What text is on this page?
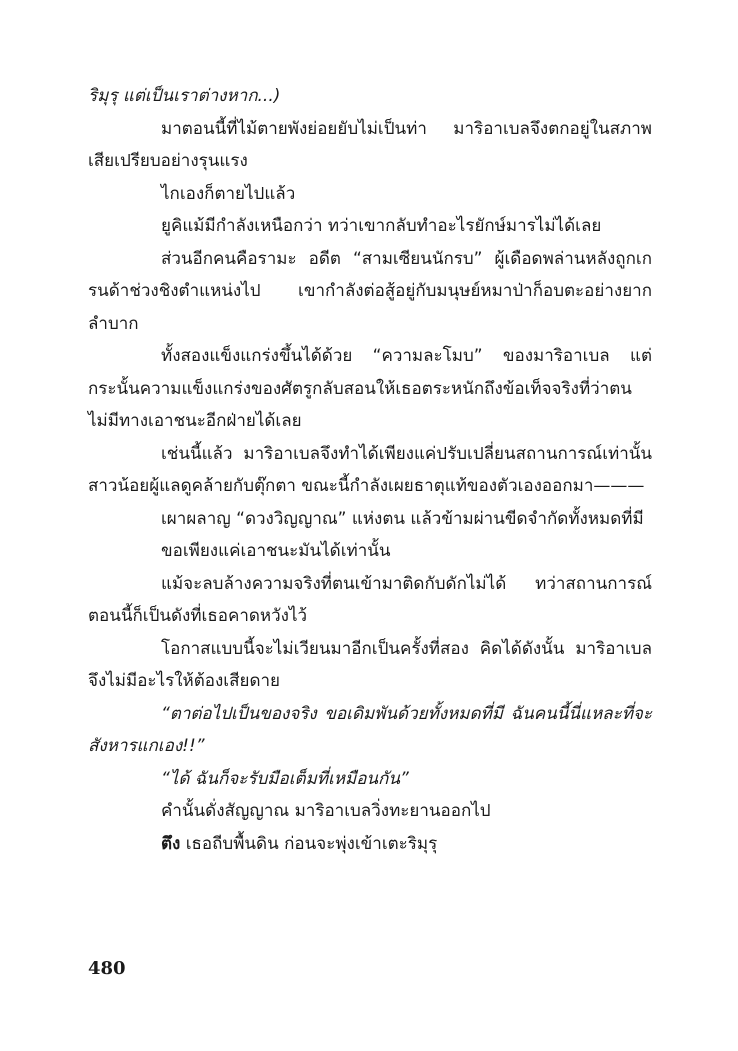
ริมุรุ แต่เป็นเราต่างหาก...)

มาตอนนี้ที่ไม้ตายพังย่อยยับไม่เป็นท่า มาริอาเบลจึงตกอยู่ในสภาพเสียเปรียบอย่างรุนแรง

ไกเองก็ตายไปแล้ว

ยูคิแม้มีกำลังเหนือกว่า ทว่าเขากลับทำอะไรยักษ์มารไม่ได้เลย

ส่วนอีกคนคือรามะ อดีต “สามเซียนนักรบ” ผู้เดือดพล่านหลังถูกเกรนด้าช่วงชิงตำแหน่งไป เขากำลังต่อสู้อยู่กับมนุษย์หมาป่าก็อบตะอย่างยากลำบาก

ทั้งสองแข็งแกร่งขึ้นได้ด้วย “ความละโมบ” ของมาริอาเบล แต่กระนั้นความแข็งแกร่งของศัตรูกลับสอนให้เธอตระหนักถึงข้อเท็จจริงที่ว่าตนไม่มีทางเอาชนะอีกฝ่ายได้เลย

เช่นนี้แล้ว มาริอาเบลจึงทำได้เพียงแค่ปรับเปลี่ยนสถานการณ์เท่านั้น สาวน้อยผู้แลดูคล้ายกับตุ๊กตา ขณะนี้กำลังเผยธาตุแท้ของตัวเองออกมา———

เผาผลาญ “ดวงวิญญาณ” แห่งตน แล้วข้ามผ่านขีดจำกัดทั้งหมดที่มี

ขอเพียงแค่เอาชนะมันได้เท่านั้น

แม้จะลบล้างความจริงที่ตนเข้ามาติดกับดักไม่ได้ ทว่าสถานการณ์ตอนนี้ก็เป็นดังที่เธอคาดหวังไว้

โอกาสแบบนี้จะไม่เวียนมาอีกเป็นครั้งที่สอง คิดได้ดังนั้น มาริอาเบลจึงไม่มีอะไรให้ต้องเสียดาย

“ตาต่อไปเป็นของจริง ขอเดิมพันด้วยทั้งหมดที่มี ฉันคนนี้นี่แหละที่จะสังหารแกเอง!!”

“ได้ ฉันก็จะรับมือเต็มที่เหมือนกัน”

คำนั้นดั่งสัญญาณ มาริอาเบลวิ่งทะยานออกไป

ตึง เธอถีบพื้นดิน ก่อนจะพุ่งเข้าเตะริมุรุ

480
